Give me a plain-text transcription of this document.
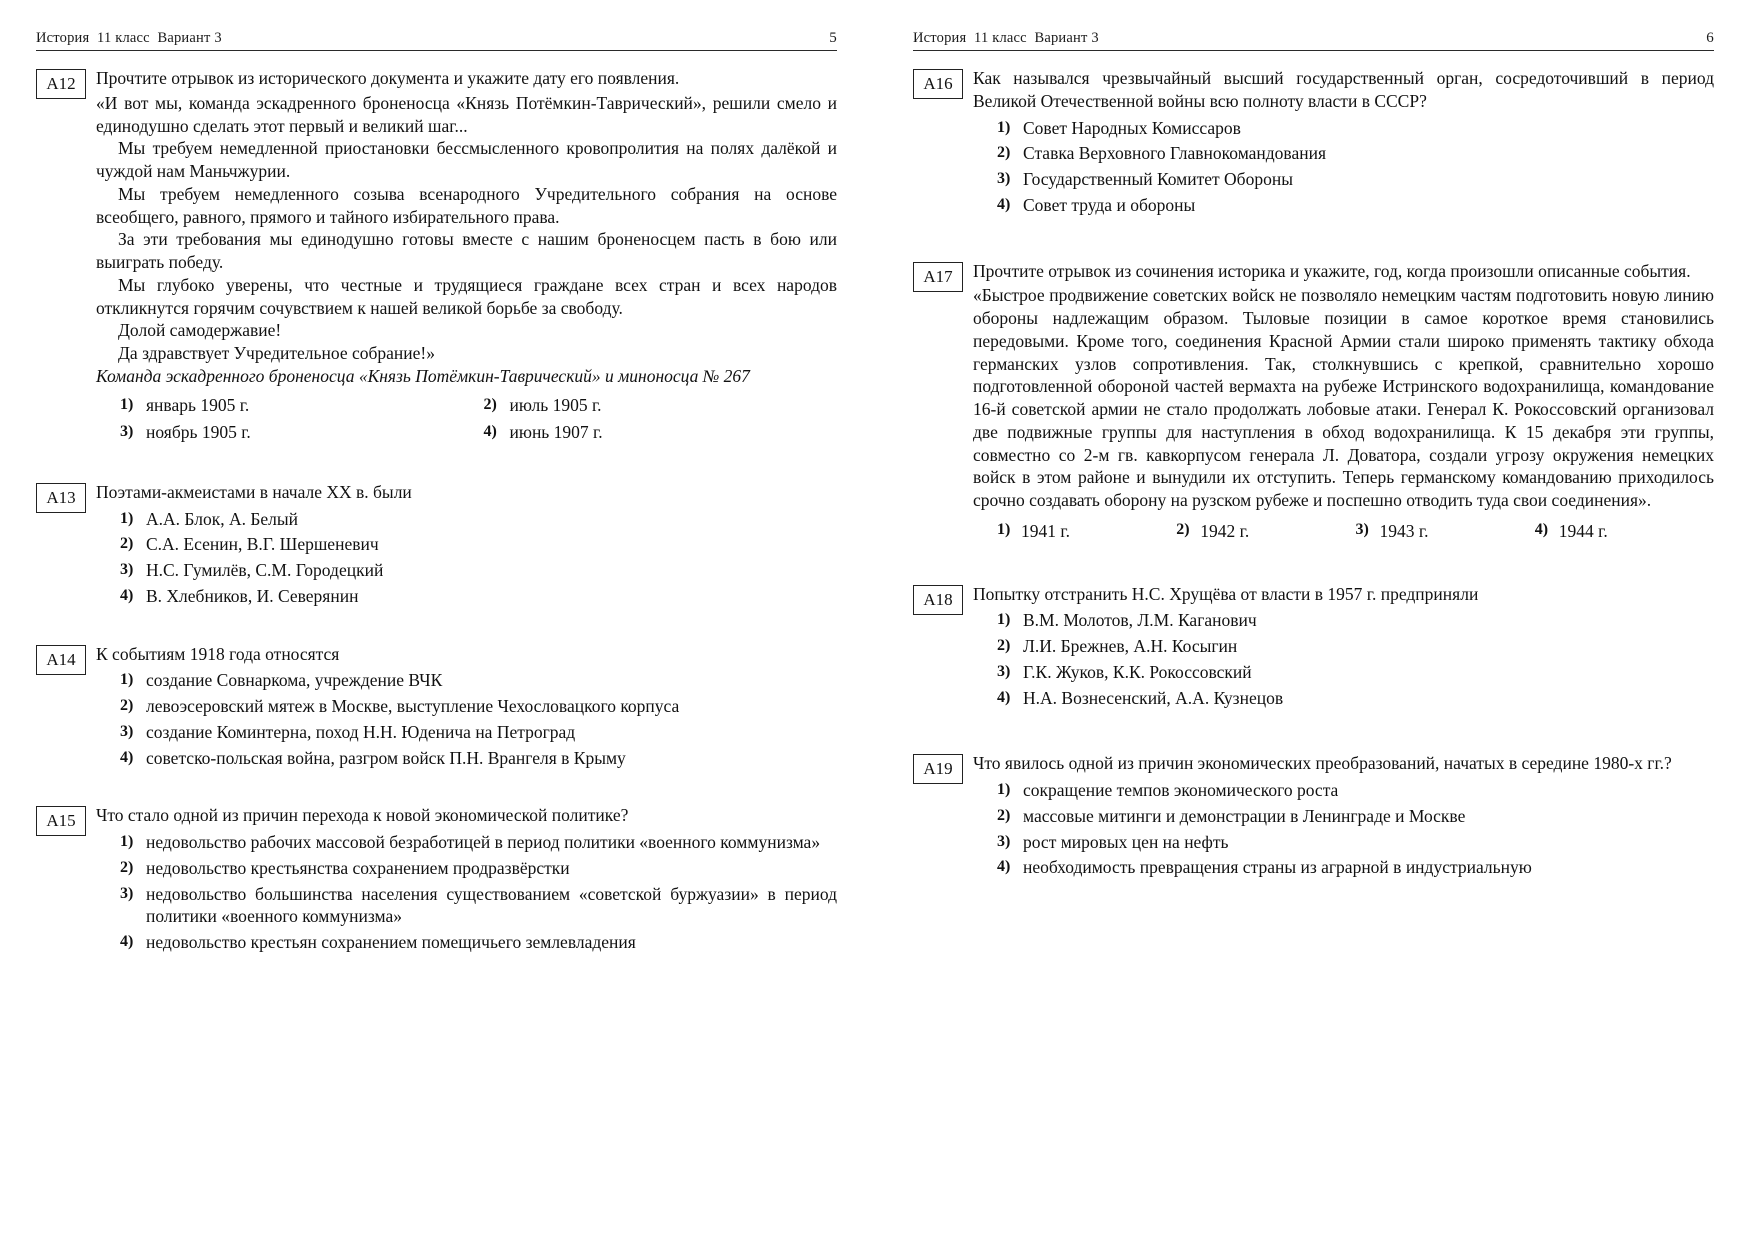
История  11 класс  Вариант 3	5
A12	Прочтите отрывок из исторического документа и укажите дату его появления.

«И вот мы, команда эскадренного броненосца «Князь Потёмкин-Таврический», решили смело и единодушно сделать этот первый и великий шаг...

Мы требуем немедленной приостановки бессмысленного кровопролития на полях далёкой и чуждой нам Маньчжурии.

Мы требуем немедленного созыва всенародного Учредительного собрания на основе всеобщего, равного, прямого и тайного избирательного права.

За эти требования мы единодушно готовы вместе с нашим броненосцем пасть в бою или выиграть победу.

Мы глубоко уверены, что честные и трудящиеся граждане всех стран и всех народов откликнутся горячим сочувствием к нашей великой борьбе за свободу.

Долой самодержавие!

Да здравствует Учредительное собрание!»

Команда эскадренного броненосца «Князь Потёмкин-Таврический» и миноносца № 267

1) январь 1905 г.	2) июль 1905 г.
3) ноябрь 1905 г.	4) июнь 1907 г.
A13	Поэтами-акмеистами в начале XX в. были

1) А.А. Блок, А. Белый
2) С.А. Есенин, В.Г. Шершеневич
3) Н.С. Гумилёв, С.М. Городецкий
4) В. Хлебников, И. Северянин
A14	К событиям 1918 года относятся

1) создание Совнаркома, учреждение ВЧК
2) левоэсеровский мятеж в Москве, выступление Чехословацкого корпуса
3) создание Коминтерна, поход Н.Н. Юденича на Петроград
4) советско-польская война, разгром войск П.Н. Врангеля в Крыму
A15	Что стало одной из причин перехода к новой экономической политике?

1) недовольство рабочих массовой безработицей в период политики «военного коммунизма»
2) недовольство крестьянства сохранением продразвёрстки
3) недовольство большинства населения существованием «советской буржуазии» в период политики «военного коммунизма»
4) недовольство крестьян сохранением помещичьего землевладения
История  11 класс  Вариант 3	6
A16	Как назывался чрезвычайный высший государственный орган, сосредоточивший в период Великой Отечественной войны всю полноту власти в СССР?

1) Совет Народных Комиссаров
2) Ставка Верховного Главнокомандования
3) Государственный Комитет Обороны
4) Совет труда и обороны
A17	Прочтите отрывок из сочинения историка и укажите, год, когда произошли описанные события.

«Быстрое продвижение советских войск не позволяло немецким частям подготовить новую линию обороны надлежащим образом. Тыловые позиции в самое короткое время становились передовыми. Кроме того, соединения Красной Армии стали широко применять тактику обхода германских узлов сопротивления. Так, столкнувшись с крепкой, сравнительно хорошо подготовленной обороной частей вермахта на рубеже Истринского водохранилища, командование 16-й советской армии не стало продолжать лобовые атаки. Генерал К. Рокоссовский организовал две подвижные группы для наступления в обход водохранилища. К 15 декабря эти группы, совместно со 2-м гв. кавкорпусом генерала Л. Доватора, создали угрозу окружения немецких войск в этом районе и вынудили их отступить. Теперь германскому командованию приходилось срочно создавать оборону на рузском рубеже и поспешно отводить туда свои соединения».

1) 1941 г.	2) 1942 г.	3) 1943 г.	4) 1944 г.
A18	Попытку отстранить Н.С. Хрущёва от власти в 1957 г. предприняли

1) В.М. Молотов, Л.М. Каганович
2) Л.И. Брежнев, А.Н. Косыгин
3) Г.К. Жуков, К.К. Рокоссовский
4) Н.А. Вознесенский, А.А. Кузнецов
A19	Что явилось одной из причин экономических преобразований, начатых в середине 1980-х гг.?

1) сокращение темпов экономического роста
2) массовые митинги и демонстрации в Ленинграде и Москве
3) рост мировых цен на нефть
4) необходимость превращения страны из аграрной в индустриальную
